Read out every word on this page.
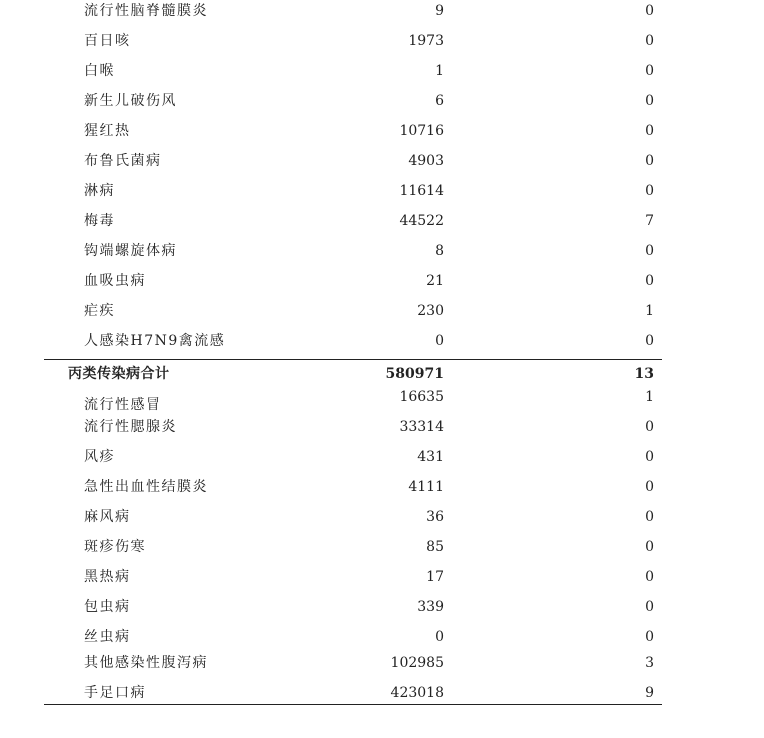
流行性脑脊髓膜炎	9	0
百日咳	1973	0
白喉	1	0
新生儿破伤风	6	0
猩红热	10716	0
布鲁氏菌病	4903	0
淋病	11614	0
梅毒	44522	7
钩端螺旋体病	8	0
血吸虫病	21	0
疟疾	230	1
人感染H7N9禽流感	0	0
丙类传染病合计	580971	13
流行性感冒	16635	1
流行性腮腺炎	33314	0
风疹	431	0
急性出血性结膜炎	4111	0
麻风病	36	0
斑疹伤寒	85	0
黑热病	17	0
包虫病	339	0
丝虫病	0	0
其他感染性腹泻病	102985	3
手足口病	423018	9
